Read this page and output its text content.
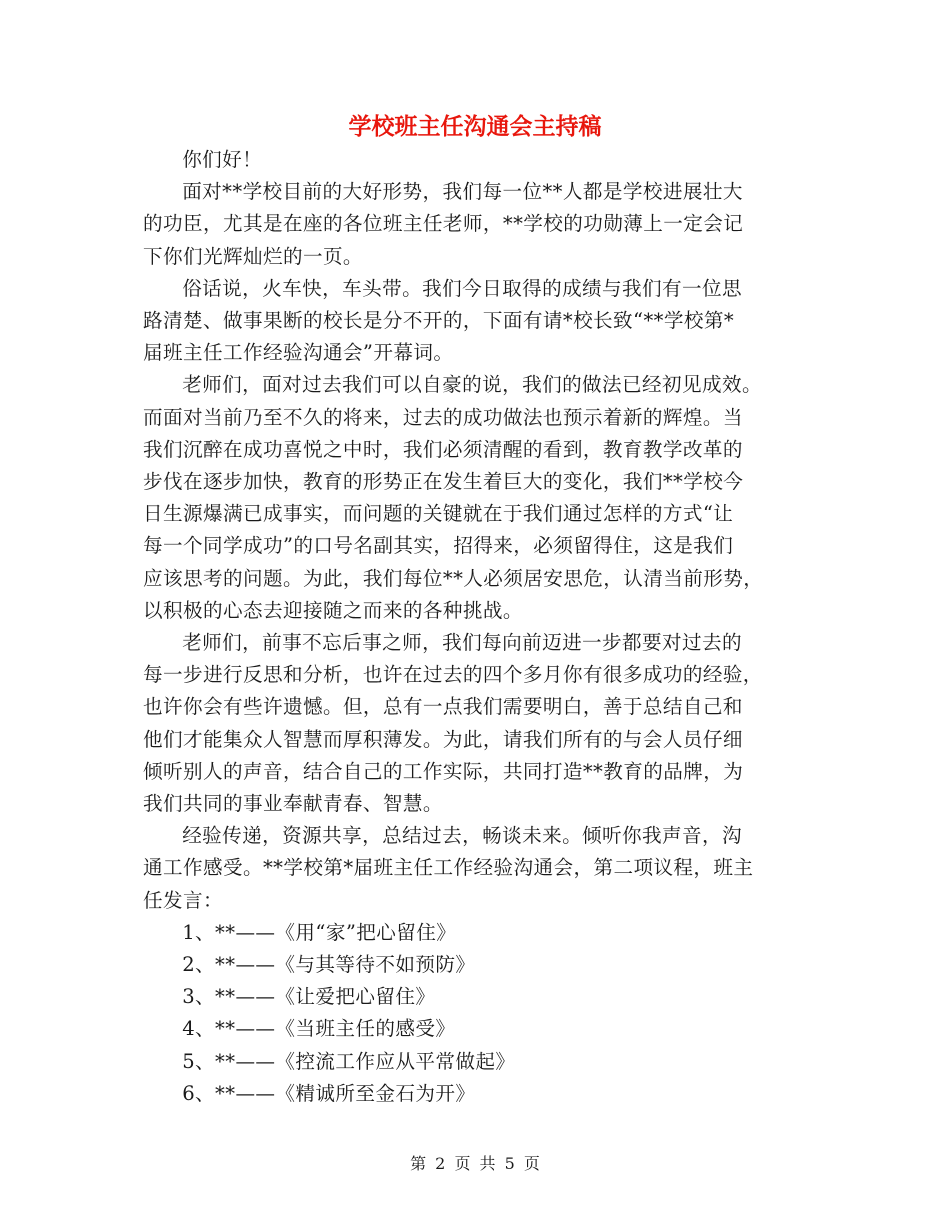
学校班主任沟通会主持稿

你们好！

面对**学校目前的大好形势，我们每一位**人都是学校进展壮大
的功臣，尤其是在座的各位班主任老师，**学校的功勋薄上一定会记
下你们光辉灿烂的一页。

俗话说，火车快，车头带。我们今日取得的成绩与我们有一位思
路清楚、做事果断的校长是分不开的，下面有请*校长致“**学校第*
届班主任工作经验沟通会”开幕词。

老师们，面对过去我们可以自豪的说，我们的做法已经初见成效。
而面对当前乃至不久的将来，过去的成功做法也预示着新的辉煌。当
我们沉醉在成功喜悦之中时，我们必须清醒的看到，教育教学改革的
步伐在逐步加快，教育的形势正在发生着巨大的变化，我们**学校今
日生源爆满已成事实，而问题的关键就在于我们通过怎样的方式“让
每一个同学成功”的口号名副其实，招得来，必须留得住，这是我们
应该思考的问题。为此，我们每位**人必须居安思危，认清当前形势，
以积极的心态去迎接随之而来的各种挑战。

老师们，前事不忘后事之师，我们每向前迈进一步都要对过去的
每一步进行反思和分析，也许在过去的四个多月你有很多成功的经验，
也许你会有些许遗憾。但，总有一点我们需要明白，善于总结自己和
他们才能集众人智慧而厚积薄发。为此，请我们所有的与会人员仔细
倾听别人的声音，结合自己的工作实际，共同打造**教育的品牌，为
我们共同的事业奉献青春、智慧。

经验传递，资源共享，总结过去，畅谈未来。倾听你我声音，沟
通工作感受。**学校第*届班主任工作经验沟通会，第二项议程，班主
任发言：

1、**——《用“家”把心留住》

2、**——《与其等待不如预防》

3、**——《让爱把心留住》

4、**——《当班主任的感受》

5、**——《控流工作应从平常做起》

6、**——《精诚所至金石为开》

第 2 页 共 5 页
